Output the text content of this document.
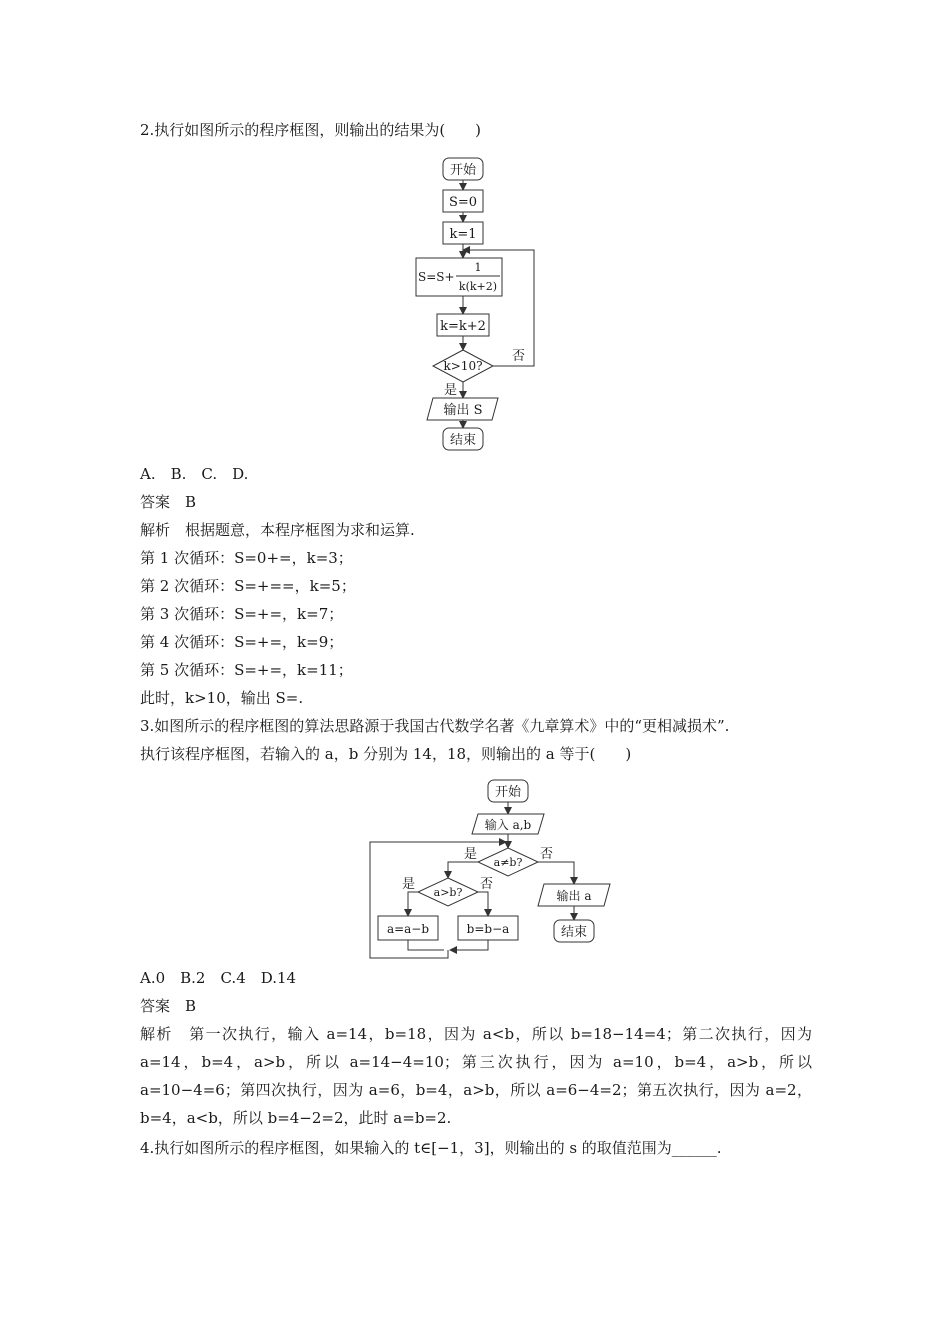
2.执行如图所示的程序框图，则输出的结果为(　　)
开始
S=0
k=1
S=S+
1
k(k+2)
k=k+2
k>10?
否
是
输出 S
结束
A.　B.　C.　D.
答案　B
解析　根据题意，本程序框图为求和运算.
第 1 次循环：S=0+=，k=3；
第 2 次循环：S=+==，k=5；
第 3 次循环：S=+=，k=7；
第 4 次循环：S=+=，k=9；
第 5 次循环：S=+=，k=11；
此时，k>10，输出 S=.
3.如图所示的程序框图的算法思路源于我国古代数学名著《九章算术》中的“更相减损术”.
执行该程序框图，若输入的 a，b 分别为 14，18，则输出的 a 等于(　　)
开始
输入 a,b
a≠b?
是	否
a>b?
是	否
a=a−b	b=b−a
输出 a
结束
A.0　B.2　C.4　D.14
答案　B
解析　第一次执行，输入 a=14，b=18，因为 a<b，所以 b=18−14=4；第二次执行，因为 a=14，b=4，a>b，所以 a=14−4=10；第三次执行，因为 a=10，b=4，a>b，所以 a=10−4=6；第四次执行，因为 a=6，b=4，a>b，所以 a=6−4=2；第五次执行，因为 a=2，b=4，a<b，所以 b=4−2=2，此时 a=b=2.
4.执行如图所示的程序框图，如果输入的 t∈[−1，3]，则输出的 s 的取值范围为______.
